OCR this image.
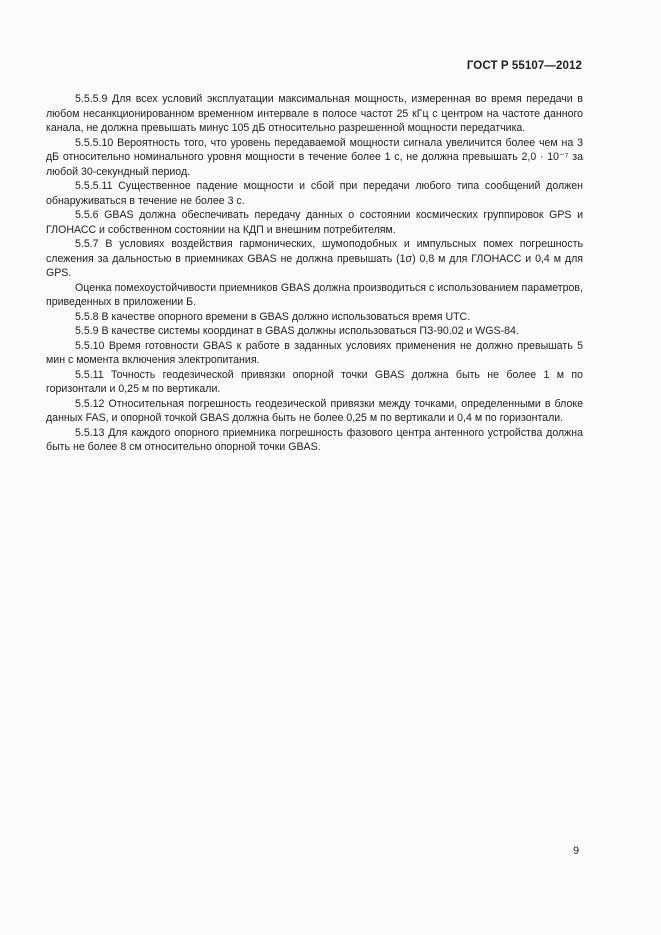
ГОСТ Р 55107—2012

5.5.5.9 Для всех условий эксплуатации максимальная мощность, измеренная во время передачи в любом несанкционированном временном интервале в полосе частот 25 кГц с центром на частоте данного канала, не должна превышать минус 105 дБ относительно разрешенной мощности передатчика.

5.5.5.10 Вероятность того, что уровень передаваемой мощности сигнала увеличится более чем на 3 дБ относительно номинального уровня мощности в течение более 1 с, не должна превышать 2,0 · 10⁻⁷ за любой 30-секундный период.

5.5.5.11 Существенное падение мощности и сбой при передачи любого типа сообщений должен обнаруживаться в течение не более 3 с.

5.5.6 GBAS должна обеспечивать передачу данных о состоянии космических группировок GPS и ГЛОНАСС и собственном состоянии на КДП и внешним потребителям.

5.5.7 В условиях воздействия гармонических, шумоподобных и импульсных помех погрешность слежения за дальностью в приемниках GBAS не должна превышать (1σ) 0,8 м для ГЛОНАСС и 0,4 м для GPS.

Оценка помехоустойчивости приемников GBAS должна производиться с использованием параметров, приведенных в приложении Б.

5.5.8 В качестве опорного времени в GBAS должно использоваться время UTC.

5.5.9 В качестве системы координат в GBAS должны использоваться ПЗ-90.02 и WGS-84.

5.5.10 Время готовности GBAS к работе в заданных условиях применения не должно превышать 5 мин с момента включения электропитания.

5.5.11 Точность геодезической привязки опорной точки GBAS должна быть не более 1 м по горизонтали и 0,25 м по вертикали.

5.5.12 Относительная погрешность геодезической привязки между точками, определенными в блоке данных FAS, и опорной точкой GBAS должна быть не более 0,25 м по вертикали и 0,4 м по горизонтали.

5.5.13 Для каждого опорного приемника погрешность фазового центра антенного устройства должна быть не более 8 см относительно опорной точки GBAS.

9
